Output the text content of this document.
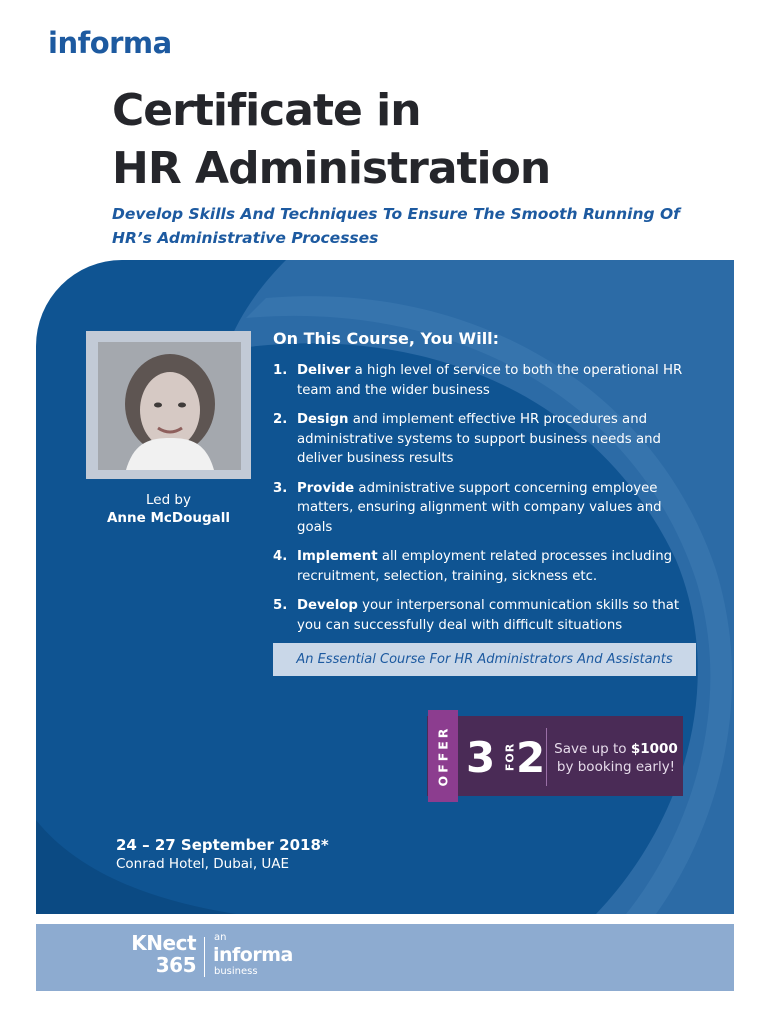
informa
Certificate in
HR Administration
Develop Skills And Techniques To Ensure The Smooth Running Of
HR’s Administrative Processes
Led by
Anne McDougall
On This Course, You Will:
1. Deliver a high level of service to both the operational HR
team and the wider business
2. Design and implement effective HR procedures and
administrative systems to support business needs and
deliver business results
3. Provide administrative support concerning employee
matters, ensuring alignment with company values and
goals
4. Implement all employment related processes including
recruitment, selection, training, sickness etc.
5. Develop your interpersonal communication skills so that
you can successfully deal with difficult situations
An Essential Course For HR Administrators And Assistants
OFFER 3 FOR 2 Save up to $1000
by booking early!
24 – 27 September 2018*
Conrad Hotel, Dubai, UAE
KNect
365
an
informa
business
